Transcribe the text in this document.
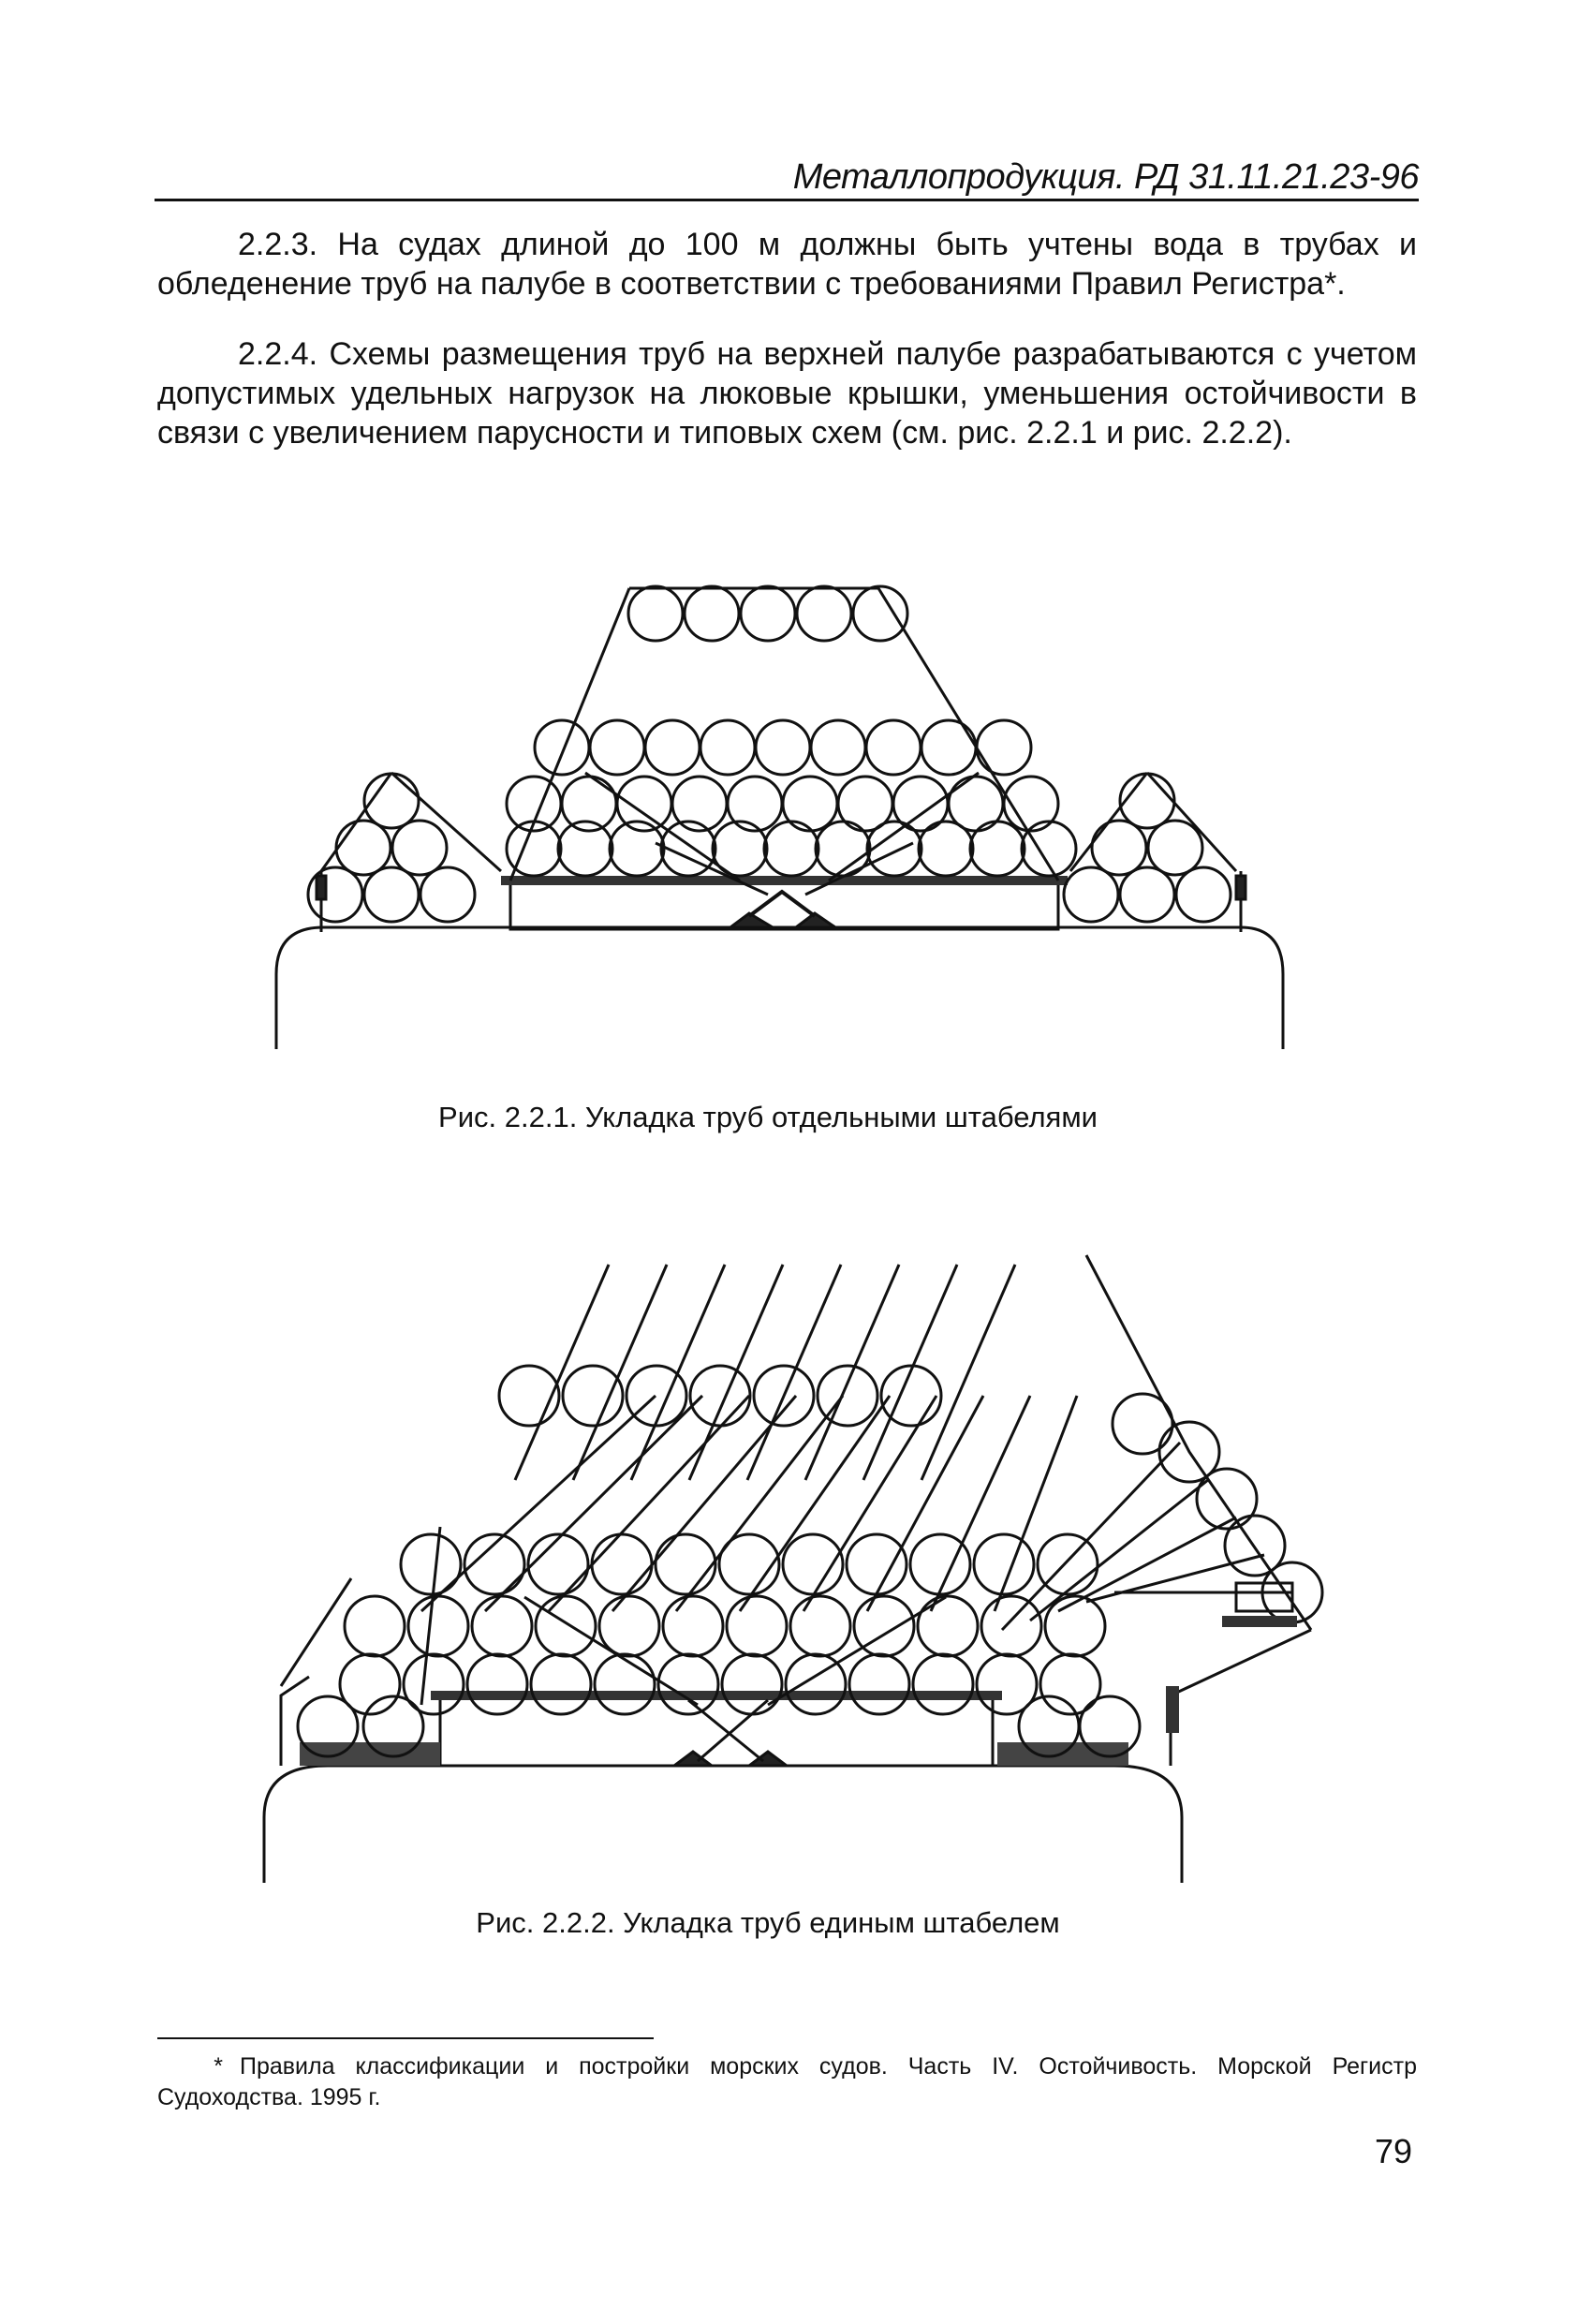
Металлопродукция. РД 31.11.21.23-96

2.2.3. На судах длиной до 100 м должны быть учтены вода в трубах и обледенение труб на палубе в соответствии с требованиями Правил Регистра*.

2.2.4. Схемы размещения труб на верхней палубе разрабатываются с учетом допустимых удельных нагрузок на люковые крышки, уменьшения остойчивости в связи с увеличением парусности и типовых схем (см. рис. 2.2.1 и рис. 2.2.2).

Рис. 2.2.1. Укладка труб отдельными штабелями
Рис. 2.2.2. Укладка труб единым штабелем
* Правила классификации и постройки морских судов. Часть IV. Остойчивость. Морской Регистр Судоходства. 1995 г.
79
